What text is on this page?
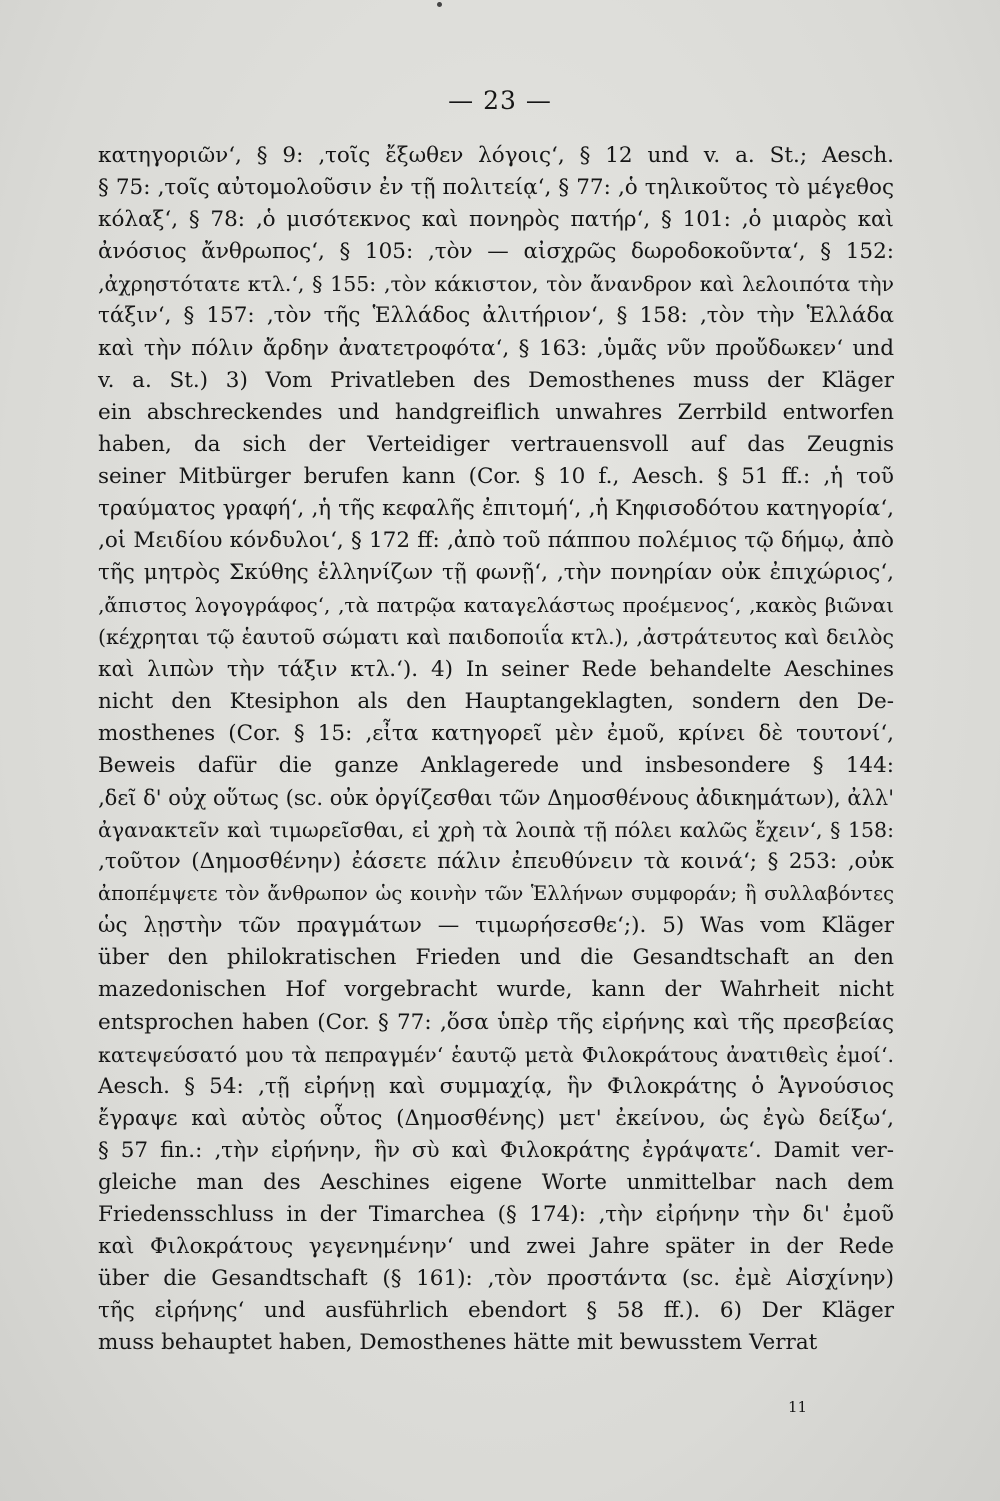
— 23 —
κατηγοριῶν‘, § 9: ‚τοῖς ἔξωθεν λόγοις‘, § 12 und v. a. St.; Aesch.
§ 75: ‚τοῖς αὐτομολοῦσιν ἐν τῇ πολιτείᾳ‘, § 77: ‚ὁ τηλικοῦτος τὸ μέγεθος
κόλαξ‘, § 78: ‚ὁ μισότεκνος καὶ πονηρὸς πατήρ‘, § 101: ‚ὁ μιαρὸς καὶ
ἀνόσιος ἄνθρωπος‘, § 105: ‚τὸν — αἰσχρῶς δωροδοκοῦντα‘, § 152:
‚ἀχρηστότατε κτλ.‘, § 155: ‚τὸν κάκιστον, τὸν ἄνανδρον καὶ λελοιπότα τὴν
τάξιν‘, § 157: ‚τὸν τῆς Ἑλλάδος ἀλιτήριον‘, § 158: ‚τὸν τὴν Ἑλλάδα
καὶ τὴν πόλιν ἄρδην ἀνατετροφότα‘, § 163: ‚ὑμᾶς νῦν προὔδωκεν‘ und
v. a. St.) 3) Vom Privatleben des Demosthenes muss der Kläger
ein abschreckendes und handgreiflich unwahres Zerrbild entworfen
haben, da sich der Verteidiger vertrauensvoll auf das Zeugnis
seiner Mitbürger berufen kann (Cor. § 10 f., Aesch. § 51 ff.: ‚ἡ τοῦ
τραύματος γραφή‘, ‚ἡ τῆς κεφαλῆς ἐπιτομή‘, ‚ἡ Κηφισοδότου κατηγορία‘,
‚οἱ Μειδίου κόνδυλοι‘, § 172 ff: ‚ἀπὸ τοῦ πάππου πολέμιος τῷ δήμῳ, ἀπὸ
τῆς μητρὸς Σκύθης ἑλληνίζων τῇ φωνῇ‘, ‚τὴν πονηρίαν οὐκ ἐπιχώριος‘,
‚ἄπιστος λογογράφος‘, ‚τὰ πατρῷα καταγελάστως προέμενος‘, ‚κακὸς βιῶναι
(κέχρηται τῷ ἑαυτοῦ σώματι καὶ παιδοποιΐα κτλ.), ‚ἀστράτευτος καὶ δειλὸς
καὶ λιπὼν τὴν τάξιν κτλ.‘). 4) In seiner Rede behandelte Aeschines
nicht den Ktesiphon als den Hauptangeklagten, sondern den De-
mosthenes (Cor. § 15: ‚εἶτα κατηγορεῖ μὲν ἐμοῦ, κρίνει δὲ τουτονί‘,
Beweis dafür die ganze Anklagerede und insbesondere § 144:
‚δεῖ δ' οὐχ οὕτως (sc. οὐκ ὀργίζεσθαι τῶν Δημοσθένους ἀδικημάτων), ἀλλ'
ἀγανακτεῖν καὶ τιμωρεῖσθαι, εἰ χρὴ τὰ λοιπὰ τῇ πόλει καλῶς ἔχειν‘, § 158:
‚τοῦτον (Δημοσθένην) ἐάσετε πάλιν ἐπευθύνειν τὰ κοινά‘; § 253: ‚οὐκ
ἀποπέμψετε τὸν ἄνθρωπον ὡς κοινὴν τῶν Ἑλλήνων συμφοράν; ἢ συλλαβόντες
ὡς λῃστὴν τῶν πραγμάτων — τιμωρήσεσθε‘;). 5) Was vom Kläger
über den philokratischen Frieden und die Gesandtschaft an den
mazedonischen Hof vorgebracht wurde, kann der Wahrheit nicht
entsprochen haben (Cor. § 77: ‚ὅσα ὑπὲρ τῆς εἰρήνης καὶ τῆς πρεσβείας
κατεψεύσατό μου τὰ πεπραγμέν‘ ἑαυτῷ μετὰ Φιλοκράτους ἀνατιθεὶς ἐμοί‘.
Aesch. § 54: ‚τῇ εἰρήνῃ καὶ συμμαχίᾳ, ἣν Φιλοκράτης ὁ Ἁγνούσιος
ἔγραψε καὶ αὐτὸς οὗτος (Δημοσθένης) μετ' ἐκείνου, ὡς ἐγὼ δείξω‘,
§ 57 fin.: ‚τὴν εἰρήνην, ἣν σὺ καὶ Φιλοκράτης ἐγράψατε‘. Damit ver-
gleiche man des Aeschines eigene Worte unmittelbar nach dem
Friedensschluss in der Timarchea (§ 174): ‚τὴν εἰρήνην τὴν δι' ἐμοῦ
καὶ Φιλοκράτους γεγενημένην‘ und zwei Jahre später in der Rede
über die Gesandtschaft (§ 161): ‚τὸν προστάντα (sc. ἐμὲ Αἰσχίνην)
τῆς εἰρήνης‘ und ausführlich ebendort § 58 ff.). 6) Der Kläger
muss behauptet haben, Demosthenes hätte mit bewusstem Verrat
11
